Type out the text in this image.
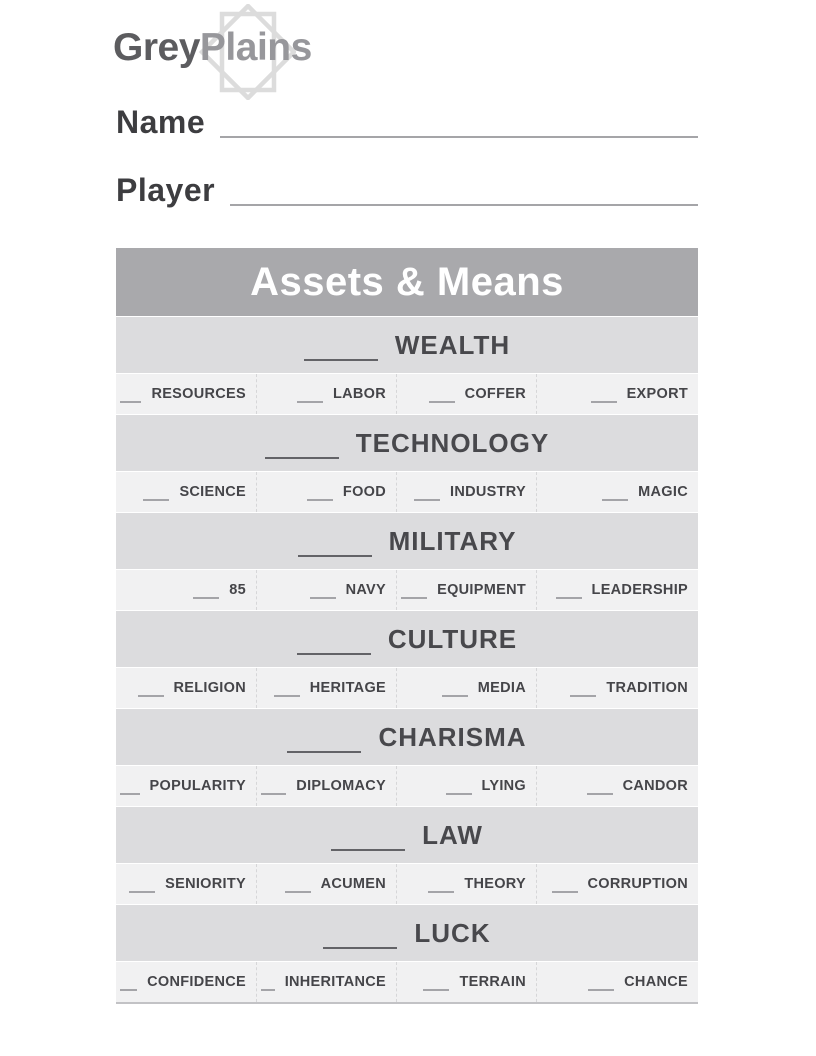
GreyPlains
Name
Player
Assets & Means
WEALTH
RESOURCES	LABOR	COFFER	EXPORT
TECHNOLOGY
SCIENCE	FOOD	INDUSTRY	MAGIC
MILITARY
85	NAVY	EQUIPMENT	LEADERSHIP
CULTURE
RELIGION	HERITAGE	MEDIA	TRADITION
CHARISMA
POPULARITY	DIPLOMACY	LYING	CANDOR
LAW
SENIORITY	ACUMEN	THEORY	CORRUPTION
LUCK
CONFIDENCE	INHERITANCE	TERRAIN	CHANCE
